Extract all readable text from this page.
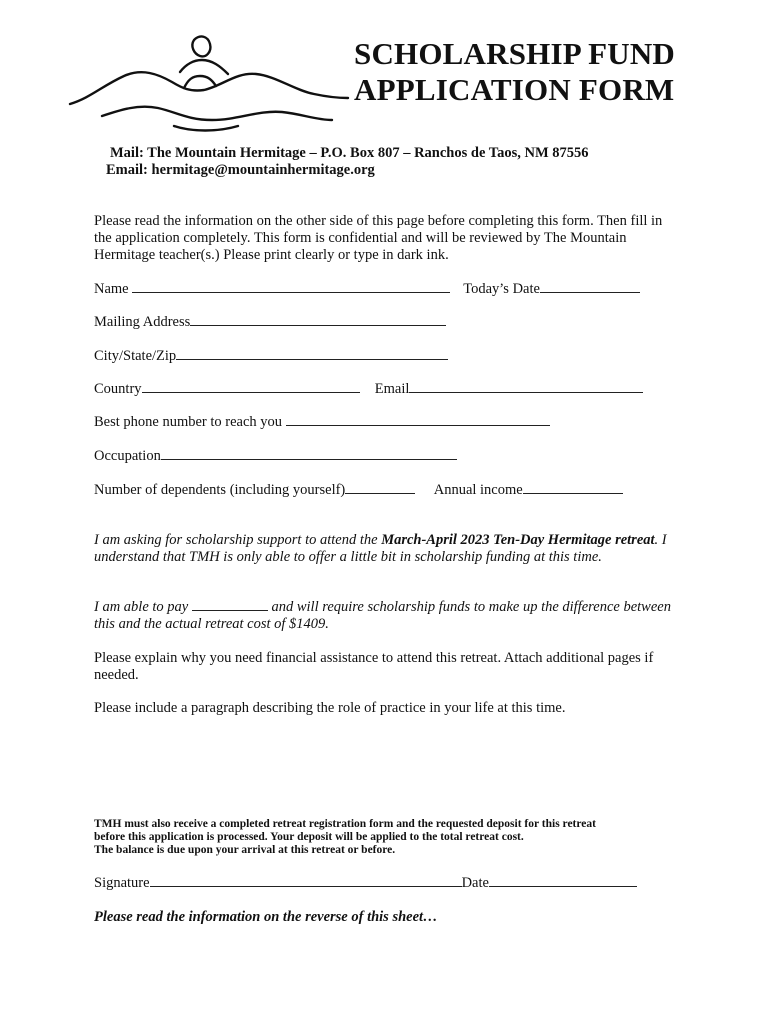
SCHOLARSHIP FUND
APPLICATION FORM
Mail: The Mountain Hermitage – P.O. Box 807 – Ranchos de Taos, NM 87556
Email: hermitage@mountainhermitage.org
Please read the information on the other side of this page before completing this form. Then fill in the application completely. This form is confidential and will be reviewed by The Mountain Hermitage teacher(s.) Please print clearly or type in dark ink.
Name	Today’s Date
Mailing Address
City/State/Zip
Country	Email
Best phone number to reach you
Occupation
Number of dependents (including yourself)	Annual income
I am asking for scholarship support to attend the March-April 2023 Ten-Day Hermitage retreat. I understand that TMH is only able to offer a little bit in scholarship funding at this time.
I am able to pay	and will require scholarship funds to make up the difference between this and the actual retreat cost of $1409.
Please explain why you need financial assistance to attend this retreat. Attach additional pages if needed.
Please include a paragraph describing the role of practice in your life at this time.
TMH must also receive a completed retreat registration form and the requested deposit for this retreat
before this application is processed. Your deposit will be applied to the total retreat cost.
The balance is due upon your arrival at this retreat or before.
Signature	Date
Please read the information on the reverse of this sheet…
